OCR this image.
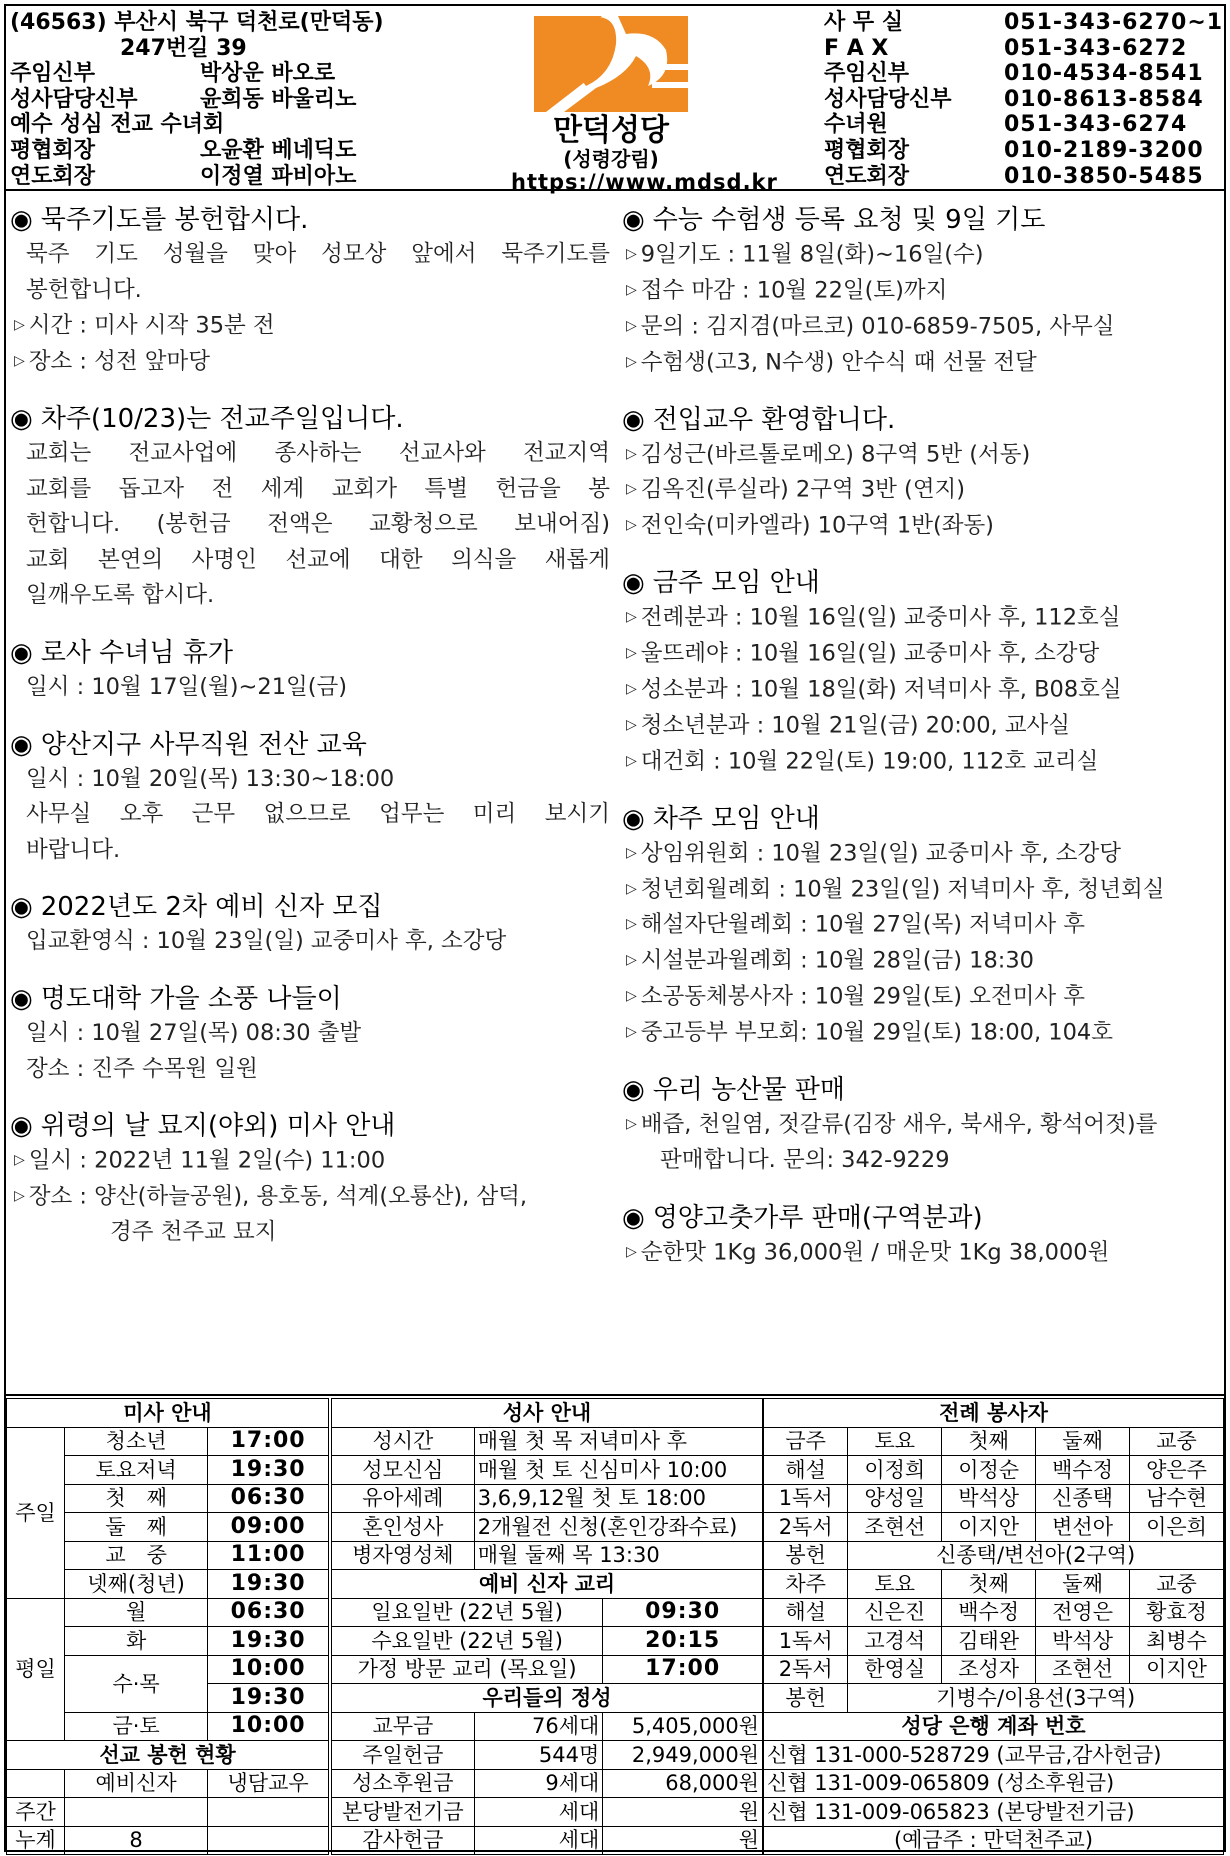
(46563) 부산시 북구 덕천로(만덕동)
247번길 39
주임신부	박상운 바오로
성사담당신부	윤희동 바울리노
예수 성심 전교 수녀회
평협회장	오윤환 베네딕도
연도회장	이정열 파비아노
만덕성당
(성령강림)
https://www.mdsd.kr
사 무 실	051-343-6270~1
F A X	051-343-6272
주임신부	010-4534-8541
성사담당신부 010-8613-8584
수녀원	051-343-6274
평협회장	010-2189-3200
연도회장	010-3850-5485
◉ 묵주기도를 봉헌합시다.
묵주 기도 성월을 맞아 성모상 앞에서 묵주기도를
봉헌합니다.
▷ 시간 : 미사 시작 35분 전
▷ 장소 : 성전 앞마당
◉ 차주(10/23)는 전교주일입니다.
교회는 전교사업에 종사하는 선교사와 전교지역
교회를 돕고자 전 세계 교회가 특별 헌금을 봉
헌합니다. (봉헌금 전액은 교황청으로 보내어짐)
교회 본연의 사명인 선교에 대한 의식을 새롭게
일깨우도록 합시다.
◉ 로사 수녀님 휴가
일시 : 10월 17일(월)~21일(금)
◉ 양산지구 사무직원 전산 교육
일시 : 10월 20일(목) 13:30~18:00
사무실 오후 근무 없으므로 업무는 미리 보시기
바랍니다.
◉ 2022년도 2차 예비 신자 모집
입교환영식 : 10월 23일(일) 교중미사 후, 소강당
◉ 명도대학 가을 소풍 나들이
일시 : 10월 27일(목) 08:30 출발
장소 : 진주 수목원 일원
◉ 위령의 날 묘지(야외) 미사 안내
▷ 일시 : 2022년 11월 2일(수) 11:00
▷ 장소 : 양산(하늘공원), 용호동, 석계(오룡산), 삼덕,
경주 천주교 묘지
◉ 수능 수험생 등록 요청 및 9일 기도
▷ 9일기도 : 11월 8일(화)~16일(수)
▷ 접수 마감 : 10월 22일(토)까지
▷ 문의 : 김지겸(마르코) 010-6859-7505, 사무실
▷ 수험생(고3, N수생) 안수식 때 선물 전달
◉ 전입교우 환영합니다.
▷ 김성근(바르톨로메오) 8구역 5반 (서동)
▷ 김옥진(루실라) 2구역 3반 (연지)
▷ 전인숙(미카엘라) 10구역 1반(좌동)
◉ 금주 모임 안내
▷ 전례분과 : 10월 16일(일) 교중미사 후, 112호실
▷ 울뜨레야 : 10월 16일(일) 교중미사 후, 소강당
▷ 성소분과 : 10월 18일(화) 저녁미사 후, B08호실
▷ 청소년분과 : 10월 21일(금) 20:00, 교사실
▷ 대건회 : 10월 22일(토) 19:00, 112호 교리실
◉ 차주 모임 안내
▷ 상임위원회 : 10월 23일(일) 교중미사 후, 소강당
▷ 청년회월례회 : 10월 23일(일) 저녁미사 후, 청년회실
▷ 해설자단월례회 : 10월 27일(목) 저녁미사 후
▷ 시설분과월례회 : 10월 28일(금) 18:30
▷ 소공동체봉사자 : 10월 29일(토) 오전미사 후
▷ 중고등부 부모회: 10월 29일(토) 18:00, 104호
◉ 우리 농산물 판매
▷ 배즙, 천일염, 젓갈류(김장 새우, 북새우, 황석어젓)를
판매합니다. 문의: 342-9229
◉ 영양고춧가루 판매(구역분과)
▷ 순한맛 1Kg 36,000원 / 매운맛 1Kg 38,000원
미사 안내		
주일	청소년	17:00
	토요저녁	19:30
	첫　째	06:30
	둘　째	09:00
	교　중	11:00
	넷째(청년)	19:30
평일	월	06:30
	화	19:30
	수·목	10:00
		19:30
	금·토	10:00
선교 봉헌 현황		
	예비신자	냉담교우
주간		
누계	8	
성사 안내		
성시간	매월 첫 목 저녁미사 후	
성모신심	매월 첫 토 신심미사 10:00	
유아세례	3,6,9,12월 첫 토 18:00	
혼인성사	2개월전 신청(혼인강좌수료)	
병자영성체	매월 둘째 목 13:30	
예비 신자 교리		
일요일반 (22년 5월)		09:30
수요일반 (22년 5월)		20:15
가정 방문 교리 (목요일)		17:00
우리들의 정성		
교무금	76세대	5,405,000원
주일헌금	544명	2,949,000원
성소후원금	9세대	68,000원
본당발전기금	세대	원
감사헌금	세대	원
전례 봉사자				
금주	토요	첫째	둘째	교중
해설	이정희	이정순	백수정	양은주
1독서	양성일	박석상	신종택	남수현
2독서	조현선	이지안	변선아	이은희
봉헌	신종택/변선아(2구역)			
차주	토요	첫째	둘째	교중
해설	신은진	백수정	전영은	황효정
1독서	고경석	김태완	박석상	최병수
2독서	한영실	조성자	조현선	이지안
봉헌	기병수/이용선(3구역)			
성당 은행 계좌 번호				
신협 131-000-528729 (교무금,감사헌금)				
신협 131-009-065809 (성소후원금)				
신협 131-009-065823 (본당발전기금)				
(예금주 : 만덕천주교)				
